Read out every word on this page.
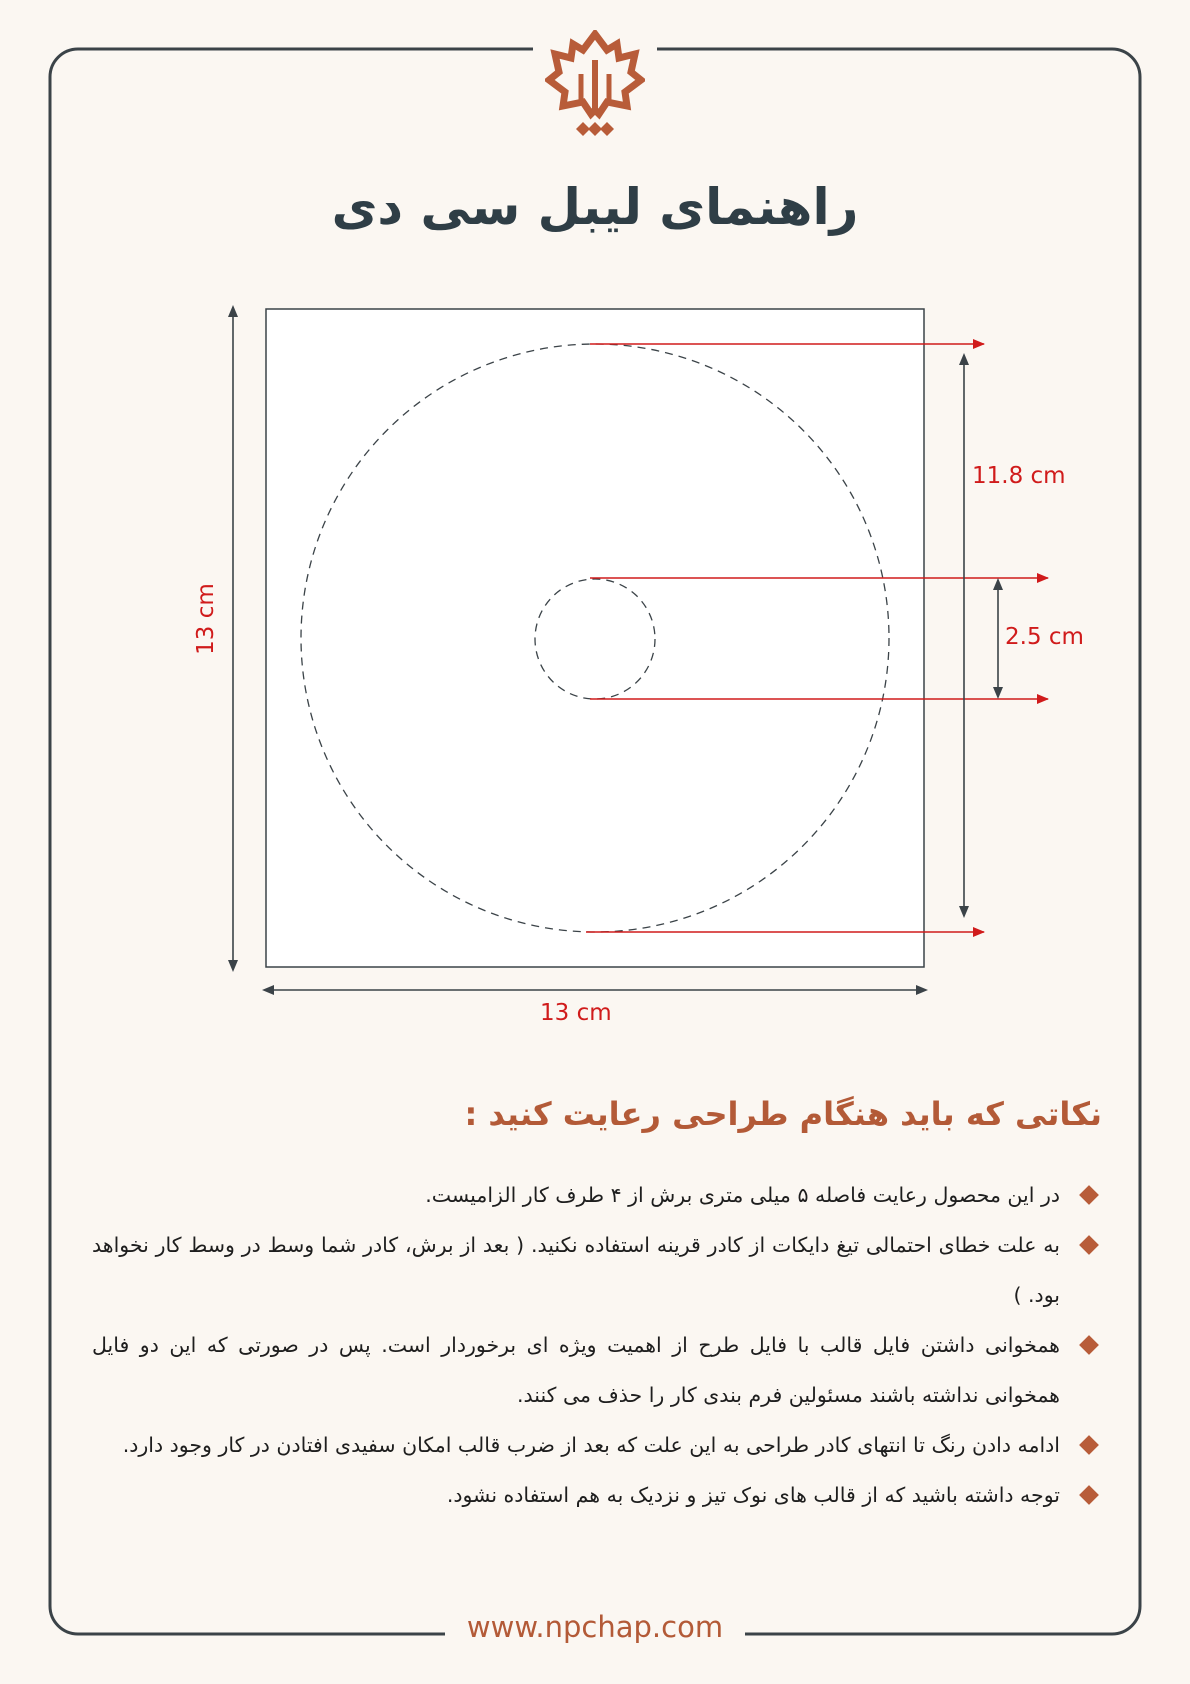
راهنمای لیبل سی دی
11.8 cm
2.5 cm
13 cm
13 cm
نکاتی که باید هنگام طراحی رعایت کنید :
در این محصول رعایت فاصله ۵ میلی متری برش از ۴ طرف کار الزامیست.
به علت خطای احتمالی تیغ دایکات از کادر قرینه استفاده نکنید. ( بعد از برش، کادر شما وسط در وسط کار نخواهد بود. )
همخوانی داشتن فایل قالب با فایل طرح از اهمیت ویژه ای برخوردار است. پس در صورتی که این دو فایل همخوانی نداشته باشند مسئولین فرم بندی کار را حذف می کنند.
ادامه دادن رنگ تا انتهای کادر طراحی به این علت که بعد از ضرب قالب امکان سفیدی افتادن در کار وجود دارد.
توجه داشته باشید که از قالب های نوک تیز و نزدیک به هم استفاده نشود.
www.npchap.com
